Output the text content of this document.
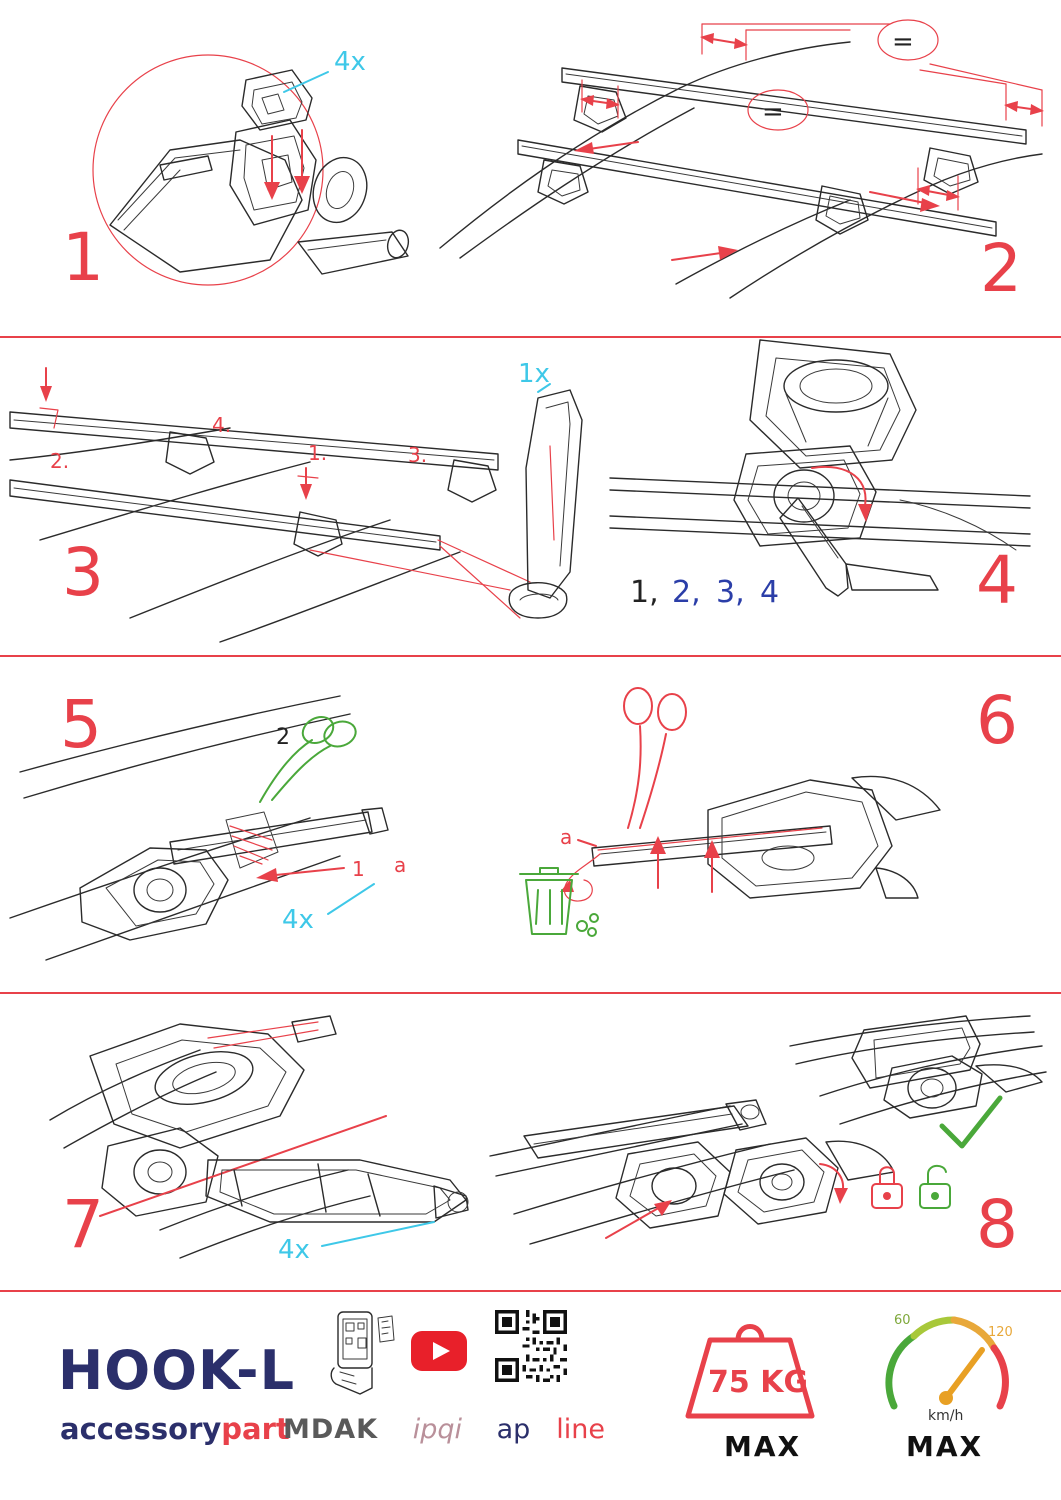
4x
1
=
=
2
1x
1.
2.	3.
4.
3	1, 2, 3, 4	4
2
1 a
4x
5
a
6
4x
7	8
HOOK-L
accessorypart
MDAK ipqi ap line
75 KG
MAX
60
120
km/h
MAX
